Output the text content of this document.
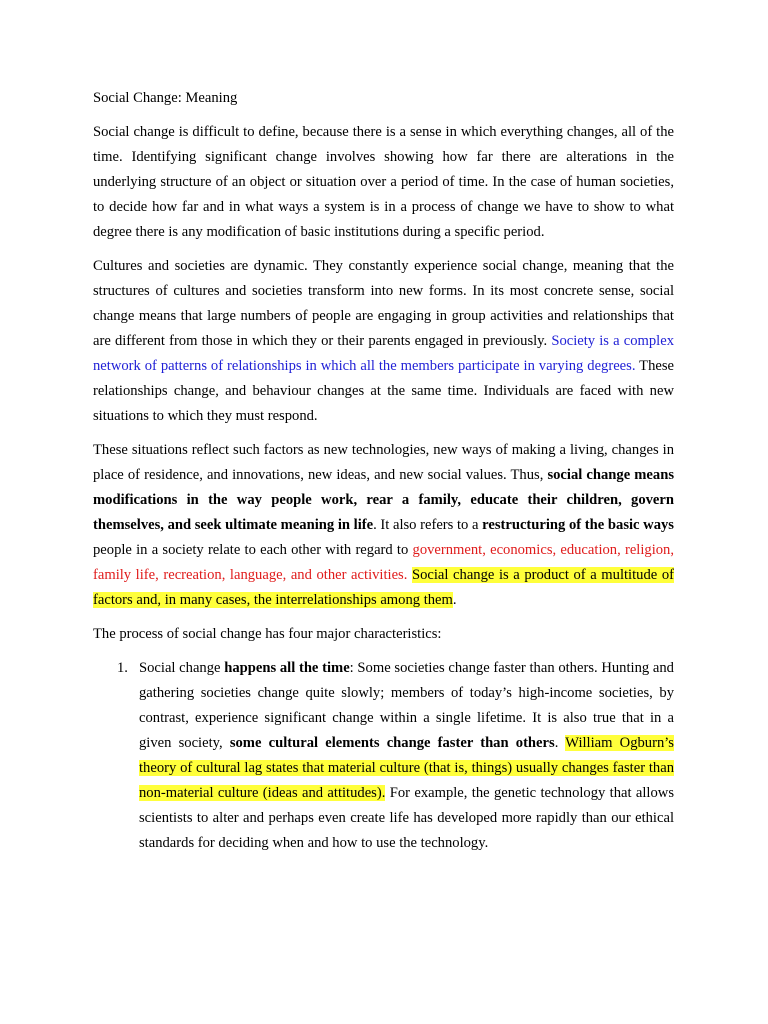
Social Change: Meaning

Social change is difficult to define, because there is a sense in which everything changes, all of the time. Identifying significant change involves showing how far there are alterations in the underlying structure of an object or situation over a period of time. In the case of human societies, to decide how far and in what ways a system is in a process of change we have to show to what degree there is any modification of basic institutions during a specific period.

Cultures and societies are dynamic. They constantly experience social change, meaning that the structures of cultures and societies transform into new forms. In its most concrete sense, social change means that large numbers of people are engaging in group activities and relationships that are different from those in which they or their parents engaged in previously. Society is a complex network of patterns of relationships in which all the members participate in varying degrees. These relationships change, and behaviour changes at the same time. Individuals are faced with new situations to which they must respond.

These situations reflect such factors as new technologies, new ways of making a living, changes in place of residence, and innovations, new ideas, and new social values. Thus, social change means modifications in the way people work, rear a family, educate their children, govern themselves, and seek ultimate meaning in life. It also refers to a restructuring of the basic ways people in a society relate to each other with regard to government, economics, education, religion, family life, recreation, language, and other activities. Social change is a product of a multitude of factors and, in many cases, the interrelationships among them.

The process of social change has four major characteristics:

1. Social change happens all the time: Some societies change faster than others. Hunting and gathering societies change quite slowly; members of today’s high-income societies, by contrast, experience significant change within a single lifetime. It is also true that in a given society, some cultural elements change faster than others. William Ogburn’s theory of cultural lag states that material culture (that is, things) usually changes faster than non-material culture (ideas and attitudes). For example, the genetic technology that allows scientists to alter and perhaps even create life has developed more rapidly than our ethical standards for deciding when and how to use the technology.
